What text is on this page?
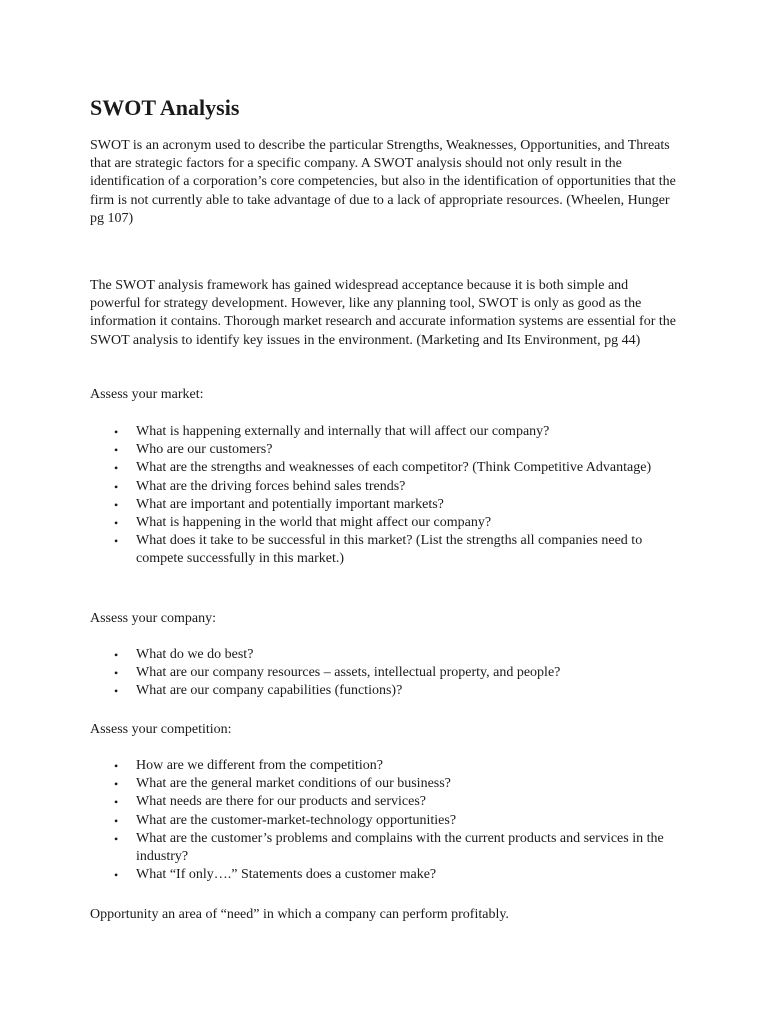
SWOT Analysis

SWOT is an acronym used to describe the particular Strengths, Weaknesses, Opportunities, and Threats that are strategic factors for a specific company. A SWOT analysis should not only result in the identification of a corporation’s core competencies, but also in the identification of opportunities that the firm is not currently able to take advantage of due to a lack of appropriate resources. (Wheelen, Hunger pg 107)

The SWOT analysis framework has gained widespread acceptance because it is both simple and powerful for strategy development. However, like any planning tool, SWOT is only as good as the information it contains. Thorough market research and accurate information systems are essential for the SWOT analysis to identify key issues in the environment. (Marketing and Its Environment, pg 44)

Assess your market:

• What is happening externally and internally that will affect our company?
• Who are our customers?
• What are the strengths and weaknesses of each competitor? (Think Competitive Advantage)
• What are the driving forces behind sales trends?
• What are important and potentially important markets?
• What is happening in the world that might affect our company?
• What does it take to be successful in this market? (List the strengths all companies need to compete successfully in this market.)

Assess your company:

• What do we do best?
• What are our company resources – assets, intellectual property, and people?
• What are our company capabilities (functions)?

Assess your competition:

• How are we different from the competition?
• What are the general market conditions of our business?
• What needs are there for our products and services?
• What are the customer-market-technology opportunities?
• What are the customer’s problems and complains with the current products and services in the industry?
• What “If only….” Statements does a customer make?

Opportunity an area of “need” in which a company can perform profitably.
